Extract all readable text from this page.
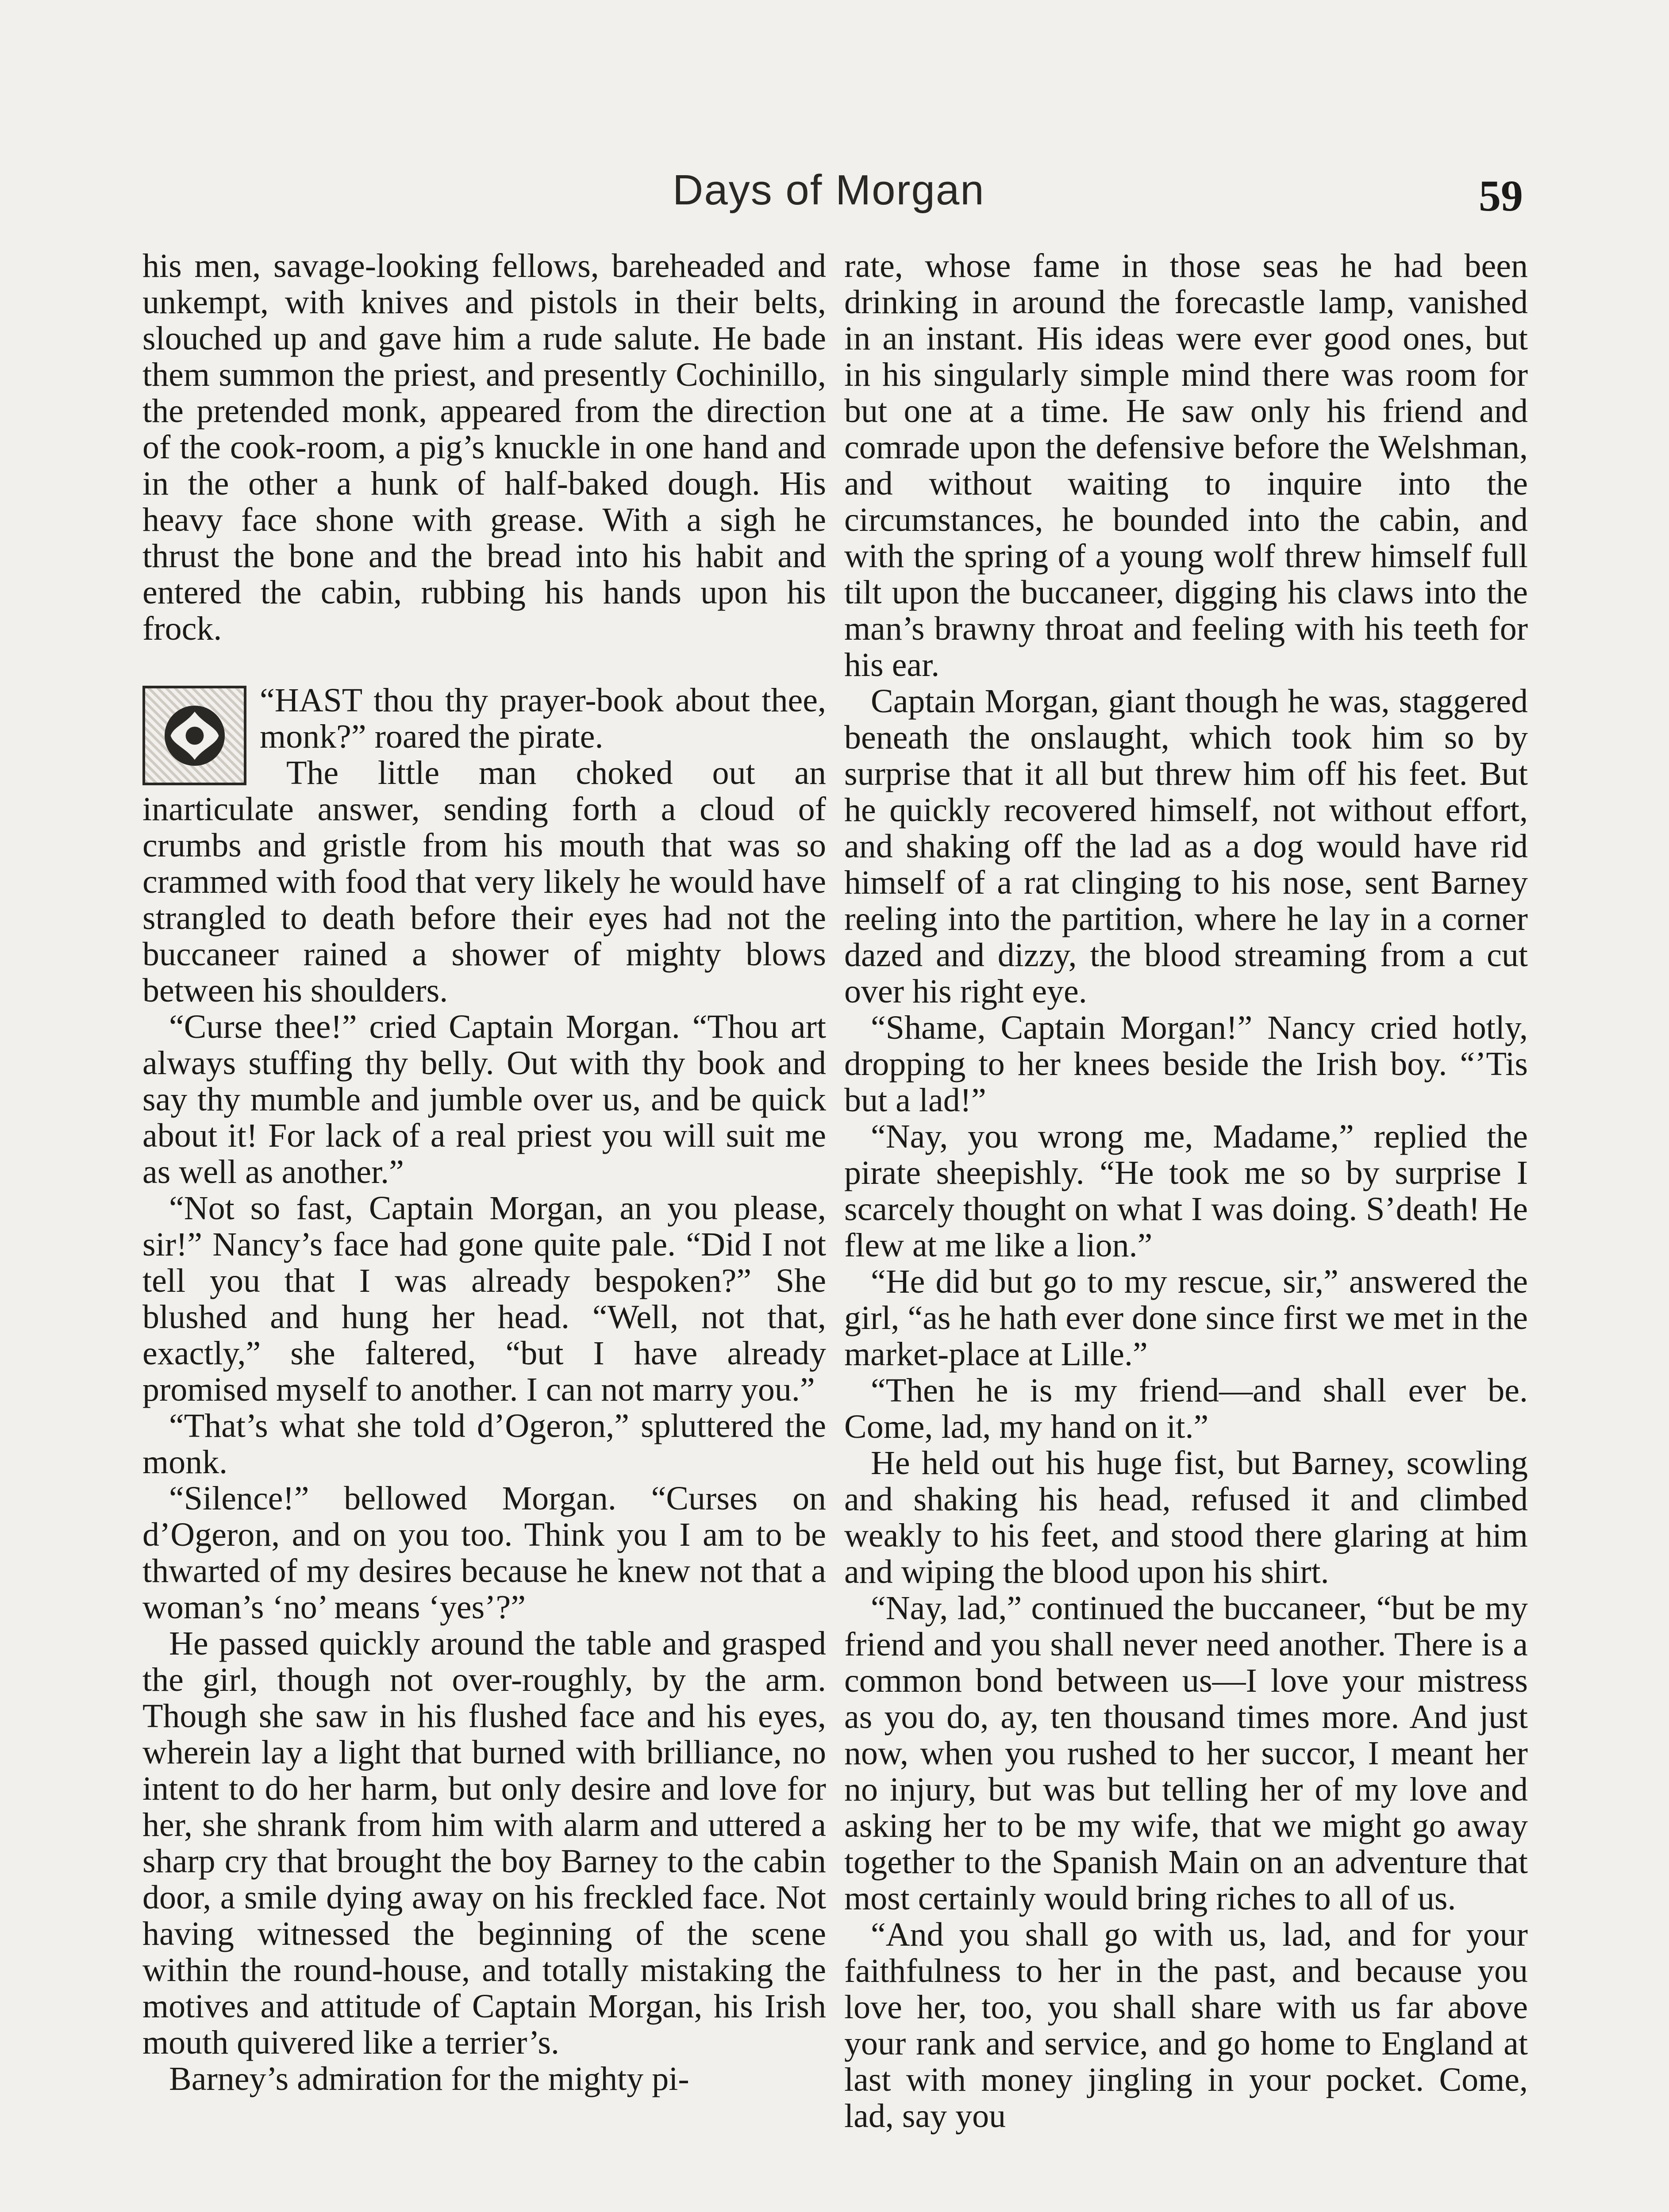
Days of Morgan	59

his men, savage-looking fellows, bareheaded and unkempt, with knives and pistols in their belts, slouched up and gave him a rude salute. He bade them summon the priest, and presently Cochinillo, the pretended monk, appeared from the direction of the cook-room, a pig’s knuckle in one hand and in the other a hunk of half-baked dough. His heavy face shone with grease. With a sigh he thrust the bone and the bread into his habit and entered the cabin, rubbing his hands upon his frock.

“HAST thou thy prayer-book about thee, monk?” roared the pirate.

The little man choked out an inarticulate answer, sending forth a cloud of crumbs and gristle from his mouth that was so crammed with food that very likely he would have strangled to death before their eyes had not the buccaneer rained a shower of mighty blows between his shoulders.

“Curse thee!” cried Captain Morgan. “Thou art always stuffing thy belly. Out with thy book and say thy mumble and jumble over us, and be quick about it! For lack of a real priest you will suit me as well as another.”

“Not so fast, Captain Morgan, an you please, sir!” Nancy’s face had gone quite pale. “Did I not tell you that I was already bespoken?” She blushed and hung her head. “Well, not that, exactly,” she faltered, “but I have already promised myself to another. I can not marry you.”

“That’s what she told d’Ogeron,” spluttered the monk.

“Silence!” bellowed Morgan. “Curses on d’Ogeron, and on you too. Think you I am to be thwarted of my desires because he knew not that a woman’s ‘no’ means ‘yes’?”

He passed quickly around the table and grasped the girl, though not over-roughly, by the arm. Though she saw in his flushed face and his eyes, wherein lay a light that burned with brilliance, no intent to do her harm, but only desire and love for her, she shrank from him with alarm and uttered a sharp cry that brought the boy Barney to the cabin door, a smile dying away on his freckled face. Not having witnessed the beginning of the scene within the round-house, and totally mistaking the motives and attitude of Captain Morgan, his Irish mouth quivered like a terrier’s.

Barney’s admiration for the mighty pi-

rate, whose fame in those seas he had been drinking in around the forecastle lamp, vanished in an instant. His ideas were ever good ones, but in his singularly simple mind there was room for but one at a time. He saw only his friend and comrade upon the defensive before the Welshman, and without waiting to inquire into the circumstances, he bounded into the cabin, and with the spring of a young wolf threw himself full tilt upon the buccaneer, digging his claws into the man’s brawny throat and feeling with his teeth for his ear.

Captain Morgan, giant though he was, staggered beneath the onslaught, which took him so by surprise that it all but threw him off his feet. But he quickly recovered himself, not without effort, and shaking off the lad as a dog would have rid himself of a rat clinging to his nose, sent Barney reeling into the partition, where he lay in a corner dazed and dizzy, the blood streaming from a cut over his right eye.

“Shame, Captain Morgan!” Nancy cried hotly, dropping to her knees beside the Irish boy. “’Tis but a lad!”

“Nay, you wrong me, Madame,” replied the pirate sheepishly. “He took me so by surprise I scarcely thought on what I was doing. S’death! He flew at me like a lion.”

“He did but go to my rescue, sir,” answered the girl, “as he hath ever done since first we met in the market-place at Lille.”

“Then he is my friend—and shall ever be. Come, lad, my hand on it.”

He held out his huge fist, but Barney, scowling and shaking his head, refused it and climbed weakly to his feet, and stood there glaring at him and wiping the blood upon his shirt.

“Nay, lad,” continued the buccaneer, “but be my friend and you shall never need another. There is a common bond between us—I love your mistress as you do, ay, ten thousand times more. And just now, when you rushed to her succor, I meant her no injury, but was but telling her of my love and asking her to be my wife, that we might go away together to the Spanish Main on an adventure that most certainly would bring riches to all of us.

“And you shall go with us, lad, and for your faithfulness to her in the past, and because you love her, too, you shall share with us far above your rank and service, and go home to England at last with money jingling in your pocket. Come, lad, say you
